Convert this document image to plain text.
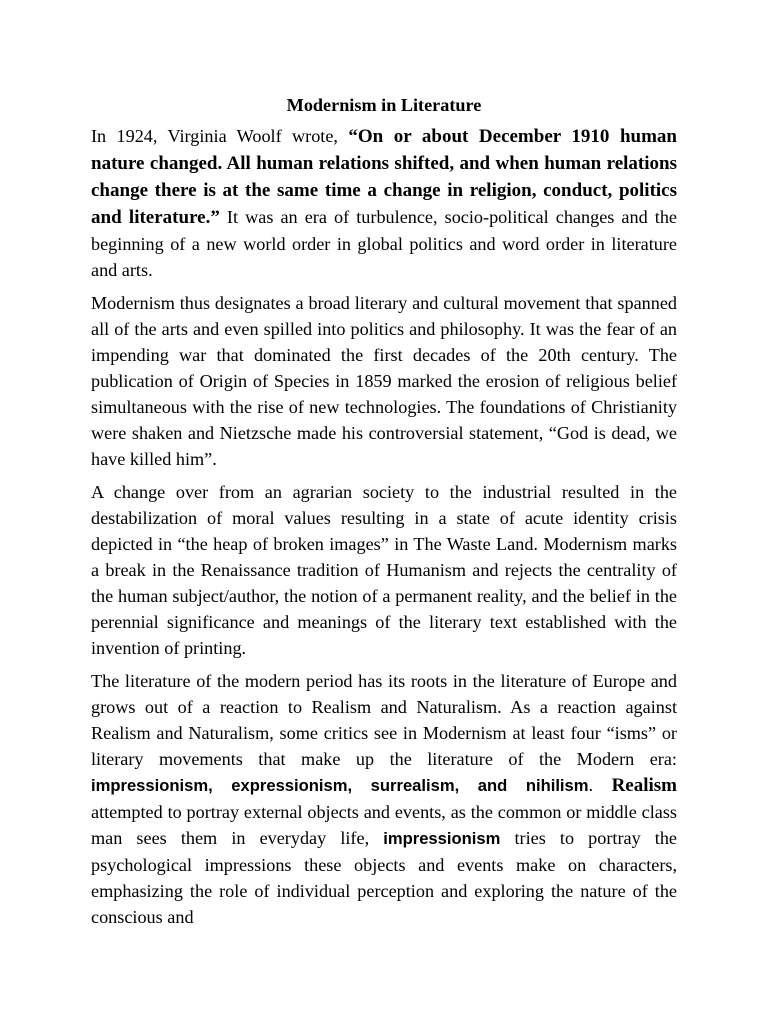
Modernism in Literature

In 1924, Virginia Woolf wrote, “On or about December 1910 human nature changed. All human relations shifted, and when human relations change there is at the same time a change in religion, conduct, politics and literature.” It was an era of turbulence, socio-political changes and the beginning of a new world order in global politics and word order in literature and arts.

Modernism thus designates a broad literary and cultural movement that spanned all of the arts and even spilled into politics and philosophy. It was the fear of an impending war that dominated the first decades of the 20th century. The publication of Origin of Species in 1859 marked the erosion of religious belief simultaneous with the rise of new technologies. The foundations of Christianity were shaken and Nietzsche made his controversial statement, “God is dead, we have killed him”.

A change over from an agrarian society to the industrial resulted in the destabilization of moral values resulting in a state of acute identity crisis depicted in “the heap of broken images” in The Waste Land. Modernism marks a break in the Renaissance tradition of Humanism and rejects the centrality of the human subject/author, the notion of a permanent reality, and the belief in the perennial significance and meanings of the literary text established with the invention of printing.

The literature of the modern period has its roots in the literature of Europe and grows out of a reaction to Realism and Naturalism. As a reaction against Realism and Naturalism, some critics see in Modernism at least four “isms” or literary movements that make up the literature of the Modern era: impressionism, expressionism, surrealism, and nihilism. Realism attempted to portray external objects and events, as the common or middle class man sees them in everyday life, impressionism tries to portray the psychological impressions these objects and events make on characters, emphasizing the role of individual perception and exploring the nature of the conscious and
